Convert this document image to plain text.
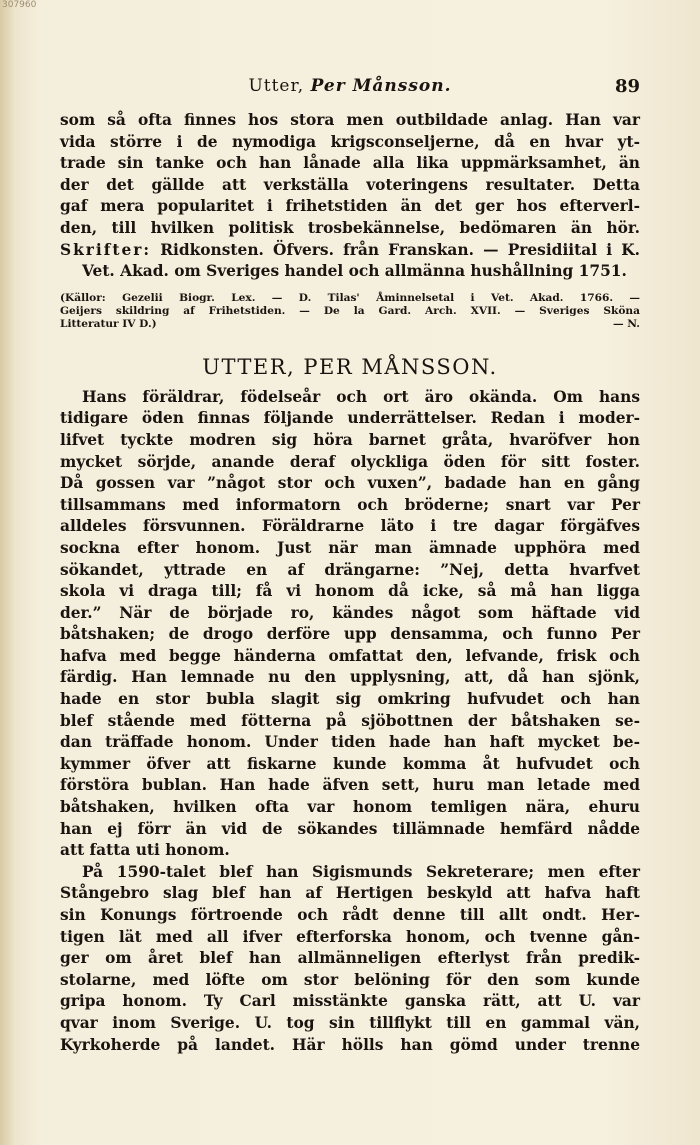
307960
Utter, Per Månsson.	89
som så ofta finnes hos stora men outbildade anlag. Han var
vida större i de nymodiga krigsconseljerne, då en hvar yt-
trade sin tanke och han lånade alla lika uppmärksamhet, än
der det gällde att verkställa voteringens resultater. Detta
gaf mera popularitet i frihetstiden än det ger hos efterverl-
den, till hvilken politisk trosbekännelse, bedömaren än hör.
Skrifter: Ridkonsten. Öfvers. från Franskan. — Presidiital i K.
Vet. Akad. om Sveriges handel och allmänna hushållning 1751.
(Källor: Gezelii Biogr. Lex. — D. Tilas' Åminnelsetal i Vet. Akad. 1766. —
Geijers skildring af Frihetstiden. — De la Gard. Arch. XVII. — Sveriges Sköna
Litteratur IV D.)	— N.
UTTER, PER MÅNSSON.
Hans föräldrar, födelseår och ort äro okända. Om hans
tidigare öden finnas följande underrättelser. Redan i moder-
lifvet tyckte modren sig höra barnet gråta, hvaröfver hon
mycket sörjde, anande deraf olyckliga öden för sitt foster.
Då gossen var ”något stor och vuxen”, badade han en gång
tillsammans med informatorn och bröderne; snart var Per
alldeles försvunnen. Föräldrarne läto i tre dagar förgäfves
sockna efter honom. Just när man ämnade upphöra med
sökandet, yttrade en af drängarne: ”Nej, detta hvarfvet
skola vi draga till; få vi honom då icke, så må han ligga
der.” När de började ro, kändes något som häftade vid
båtshaken; de drogo derföre upp densamma, och funno Per
hafva med begge händerna omfattat den, lefvande, frisk och
färdig. Han lemnade nu den upplysning, att, då han sjönk,
hade en stor bubla slagit sig omkring hufvudet och han
blef stående med fötterna på sjöbottnen der båtshaken se-
dan träffade honom. Under tiden hade han haft mycket be-
kymmer öfver att fiskarne kunde komma åt hufvudet och
förstöra bublan. Han hade äfven sett, huru man letade med
båtshaken, hvilken ofta var honom temligen nära, ehuru
han ej förr än vid de sökandes tillämnade hemfärd nådde
att fatta uti honom.
På 1590-talet blef han Sigismunds Sekreterare; men efter
Stångebro slag blef han af Hertigen beskyld att hafva haft
sin Konungs förtroende och rådt denne till allt ondt. Her-
tigen lät med all ifver efterforska honom, och tvenne gån-
ger om året blef han allmänneligen efterlyst från predik-
stolarne, med löfte om stor belöning för den som kunde
gripa honom. Ty Carl misstänkte ganska rätt, att U. var
qvar inom Sverige. U. tog sin tillflykt till en gammal vän,
Kyrkoherde på landet. Här hölls han gömd under trenne
